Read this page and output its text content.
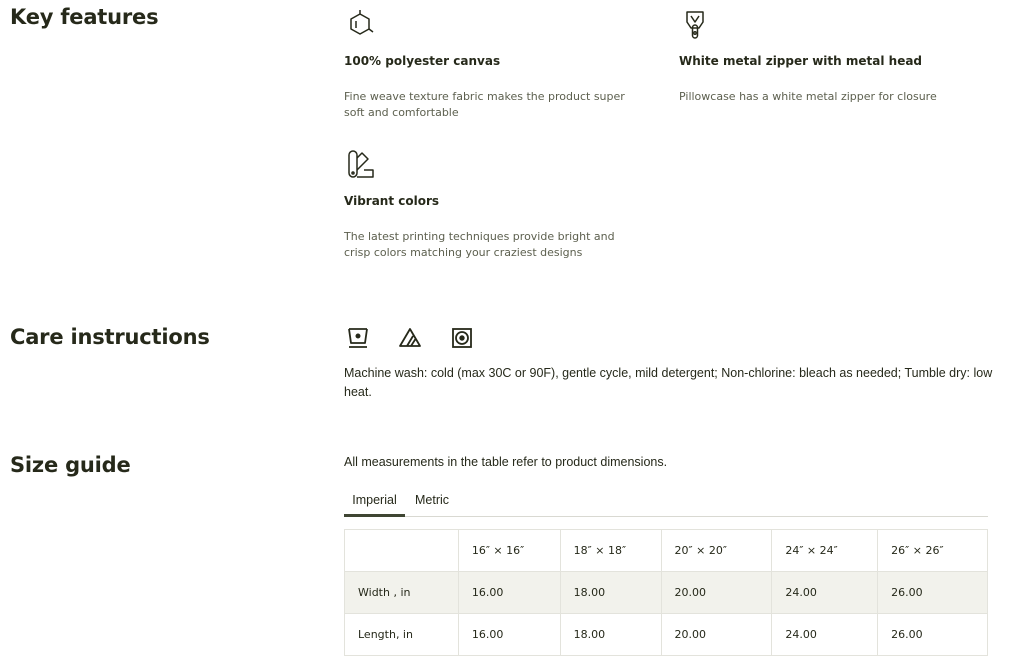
Key features
100% polyester canvas
Fine weave texture fabric makes the product super soft and comfortable
White metal zipper with metal head
Pillowcase has a white metal zipper for closure
Vibrant colors
The latest printing techniques provide bright and crisp colors matching your craziest designs
Care instructions
Machine wash: cold (max 30C or 90F), gentle cycle, mild detergent; Non-chlorine: bleach as needed; Tumble dry: low heat.
Size guide	All measurements in the table refer to product dimensions.
Imperial	Metric
	16″ × 16″	18″ × 18″	20″ × 20″	24″ × 24″	26″ × 26″
Width , in	16.00	18.00	20.00	24.00	26.00
Length, in	16.00	18.00	20.00	24.00	26.00
